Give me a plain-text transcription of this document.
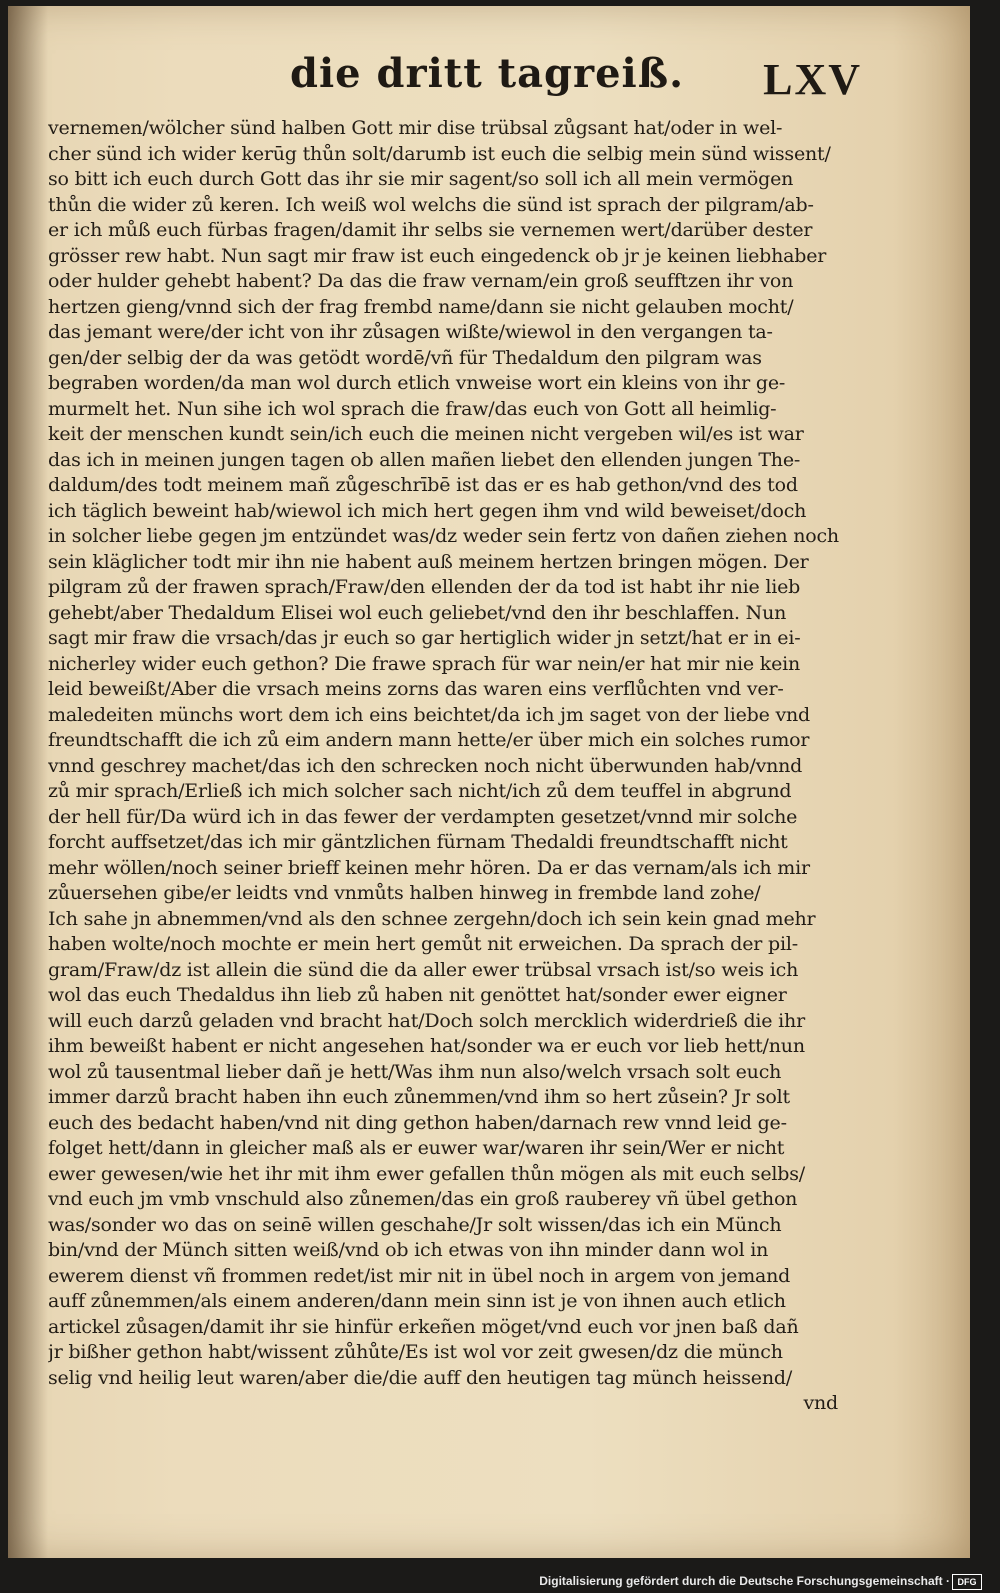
die dritt tagreiß. LXV
vernemen/wölcher sünd halben Gott mir dise trübsal zůgsant hat/oder in wel-
cher sünd ich wider kerūg thůn solt/darumb ist euch die selbig mein sünd wissent/
so bitt ich euch durch Gott das ihr sie mir sagent/so soll ich all mein vermögen
thůn die wider zů keren. Ich weiß wol welchs die sünd ist sprach der pilgram/ab-
er ich můß euch fürbas fragen/damit ihr selbs sie vernemen wert/darüber dester
grösser rew habt. Nun sagt mir fraw ist euch eingedenck ob jr je keinen liebhaber
oder hulder gehebt habent? Da das die fraw vernam/ein groß seufftzen ihr von
hertzen gieng/vnnd sich der frag frembd name/dann sie nicht gelauben mocht/
das jemant were/der icht von ihr zůsagen wißte/wiewol in den vergangen ta-
gen/der selbig der da was getödt wordē/vñ für Thedaldum den pilgram was
begraben worden/da man wol durch etlich vnweise wort ein kleins von ihr ge-
murmelt het. Nun sihe ich wol sprach die fraw/das euch von Gott all heimlig-
keit der menschen kundt sein/ich euch die meinen nicht vergeben wil/es ist war
das ich in meinen jungen tagen ob allen mañen liebet den ellenden jungen The-
daldum/des todt meinem mañ zůgeschrībē ist das er es hab gethon/vnd des tod
ich täglich beweint hab/wiewol ich mich hert gegen ihm vnd wild beweiset/doch
in solcher liebe gegen jm entzündet was/dz weder sein fertz von dañen ziehen noch
sein kläglicher todt mir ihn nie habent auß meinem hertzen bringen mögen. Der
pilgram zů der frawen sprach/Fraw/den ellenden der da tod ist habt ihr nie lieb
gehebt/aber Thedaldum Elisei wol euch geliebet/vnd den ihr beschlaffen. Nun
sagt mir fraw die vrsach/das jr euch so gar hertiglich wider jn setzt/hat er in ei-
nicherley wider euch gethon? Die frawe sprach für war nein/er hat mir nie kein
leid beweißt/Aber die vrsach meins zorns das waren eins verflůchten vnd ver-
maledeiten münchs wort dem ich eins beichtet/da ich jm saget von der liebe vnd
freundtschafft die ich zů eim andern mann hette/er über mich ein solches rumor
vnnd geschrey machet/das ich den schrecken noch nicht überwunden hab/vnnd
zů mir sprach/Erließ ich mich solcher sach nicht/ich zů dem teuffel in abgrund
der hell für/Da würd ich in das fewer der verdampten gesetzet/vnnd mir solche
forcht auffsetzet/das ich mir gäntzlichen fürnam Thedaldi freundtschafft nicht
mehr wöllen/noch seiner brieff keinen mehr hören. Da er das vernam/als ich mir
zůuersehen gibe/er leidts vnd vnmůts halben hinweg in frembde land zohe/
Ich sahe jn abnemmen/vnd als den schnee zergehn/doch ich sein kein gnad mehr
haben wolte/noch mochte er mein hert gemůt nit erweichen. Da sprach der pil-
gram/Fraw/dz ist allein die sünd die da aller ewer trübsal vrsach ist/so weis ich
wol das euch Thedaldus ihn lieb zů haben nit genöttet hat/sonder ewer eigner
will euch darzů geladen vnd bracht hat/Doch solch mercklich widerdrieß die ihr
ihm beweißt habent er nicht angesehen hat/sonder wa er euch vor lieb hett/nun
wol zů tausentmal lieber dañ je hett/Was ihm nun also/welch vrsach solt euch
immer darzů bracht haben ihn euch zůnemmen/vnd ihm so hert zůsein? Jr solt
euch des bedacht haben/vnd nit ding gethon haben/darnach rew vnnd leid ge-
folget hett/dann in gleicher maß als er euwer war/waren ihr sein/Wer er nicht
ewer gewesen/wie het ihr mit ihm ewer gefallen thůn mögen als mit euch selbs/
vnd euch jm vmb vnschuld also zůnemen/das ein groß rauberey vñ übel gethon
was/sonder wo das on seinē willen geschahe/Jr solt wissen/das ich ein Münch
bin/vnd der Münch sitten weiß/vnd ob ich etwas von ihn minder dann wol in
ewerem dienst vñ frommen redet/ist mir nit in übel noch in argem von jemand
auff zůnemmen/als einem anderen/dann mein sinn ist je von ihnen auch etlich
artickel zůsagen/damit ihr sie hinfür erkeñen möget/vnd euch vor jnen baß dañ
jr bißher gethon habt/wissent zůhůte/Es ist wol vor zeit gwesen/dz die münch
selig vnd heilig leut waren/aber die/die auff den heutigen tag münch heissend/
vnd
Digitalisierung gefördert durch die Deutsche Forschungsgemeinschaft · DFG
